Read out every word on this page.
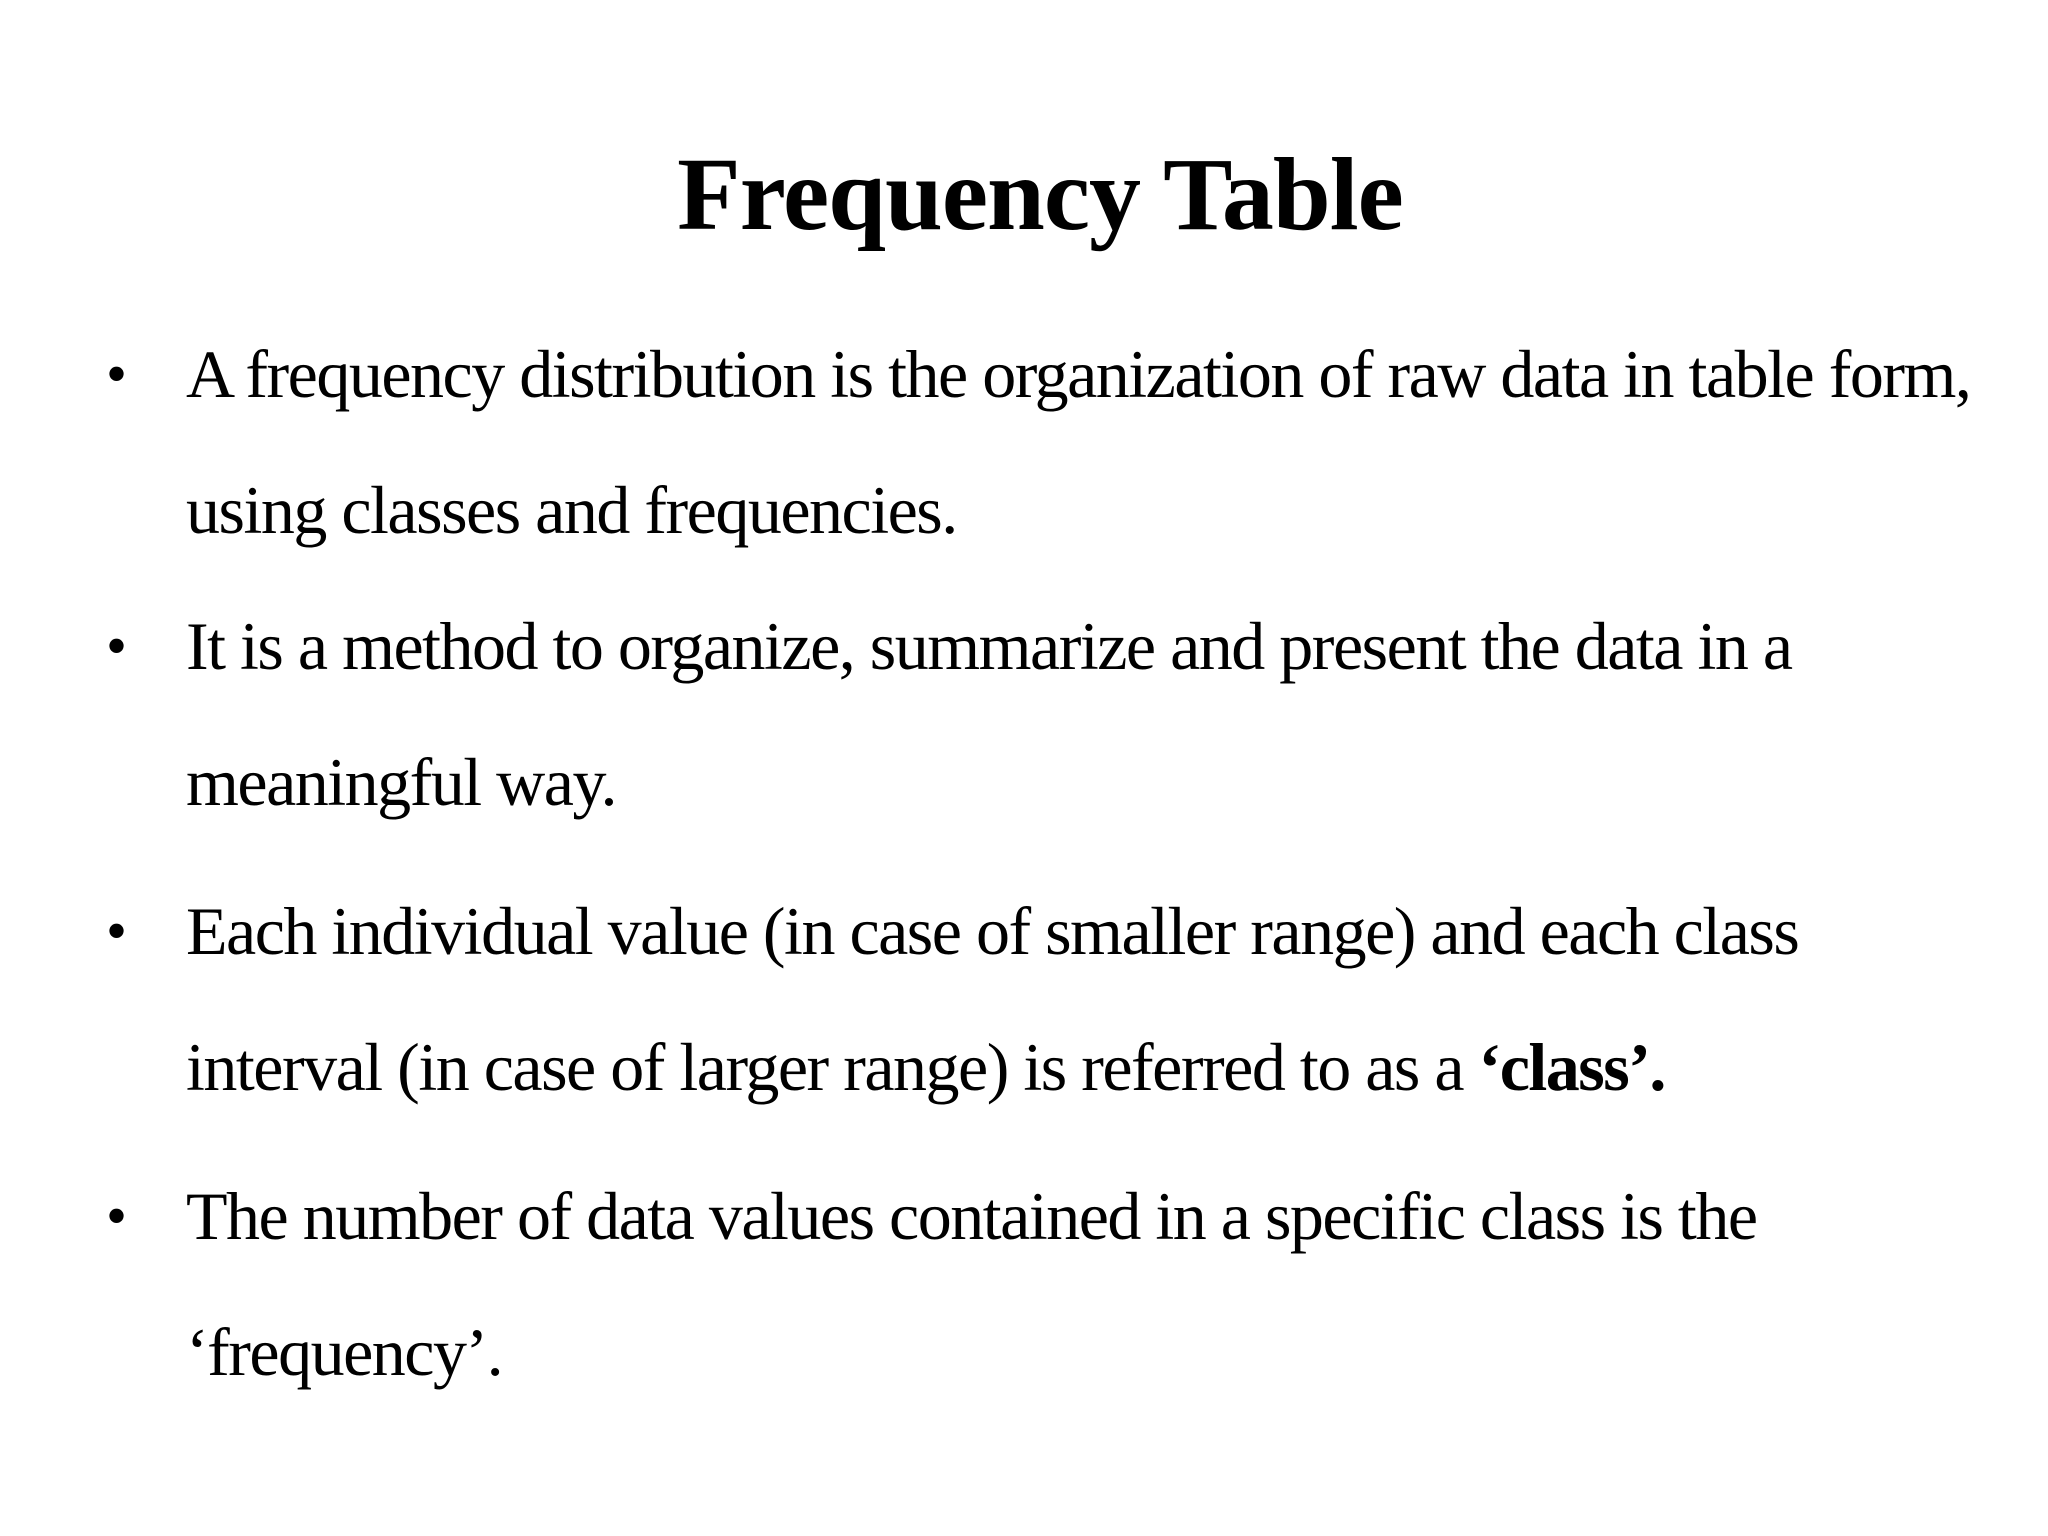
Frequency Table
• A frequency distribution is the organization of raw data in table form, using classes and frequencies.
• It is a method to organize, summarize and present the data in a meaningful way.
• Each individual value (in case of smaller range) and each class interval (in case of larger range) is referred to as a ‘class’.
• The number of data values contained in a specific class is the ‘frequency’.
